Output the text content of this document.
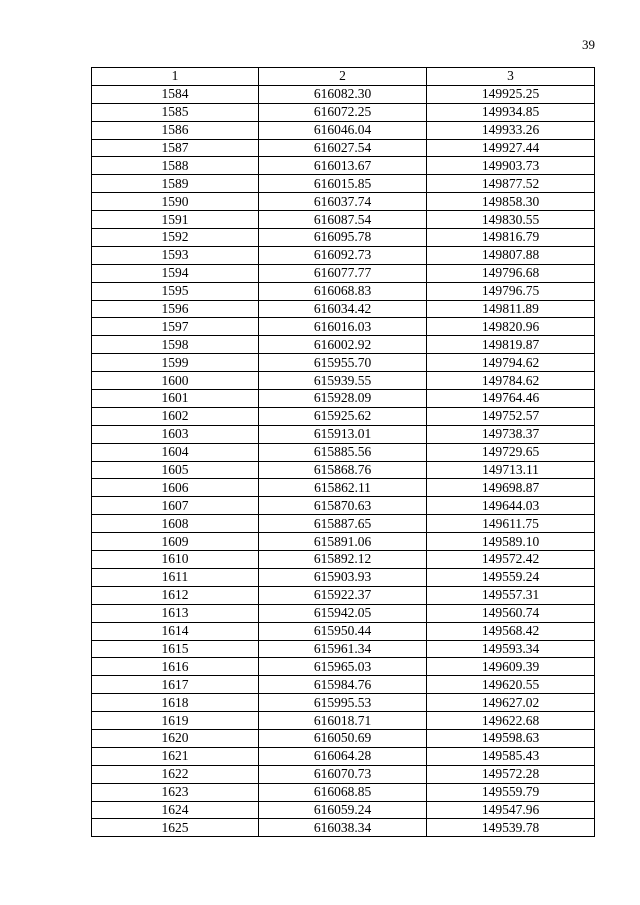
39
1	2	3
1584	616082.30	149925.25
1585	616072.25	149934.85
1586	616046.04	149933.26
1587	616027.54	149927.44
1588	616013.67	149903.73
1589	616015.85	149877.52
1590	616037.74	149858.30
1591	616087.54	149830.55
1592	616095.78	149816.79
1593	616092.73	149807.88
1594	616077.77	149796.68
1595	616068.83	149796.75
1596	616034.42	149811.89
1597	616016.03	149820.96
1598	616002.92	149819.87
1599	615955.70	149794.62
1600	615939.55	149784.62
1601	615928.09	149764.46
1602	615925.62	149752.57
1603	615913.01	149738.37
1604	615885.56	149729.65
1605	615868.76	149713.11
1606	615862.11	149698.87
1607	615870.63	149644.03
1608	615887.65	149611.75
1609	615891.06	149589.10
1610	615892.12	149572.42
1611	615903.93	149559.24
1612	615922.37	149557.31
1613	615942.05	149560.74
1614	615950.44	149568.42
1615	615961.34	149593.34
1616	615965.03	149609.39
1617	615984.76	149620.55
1618	615995.53	149627.02
1619	616018.71	149622.68
1620	616050.69	149598.63
1621	616064.28	149585.43
1622	616070.73	149572.28
1623	616068.85	149559.79
1624	616059.24	149547.96
1625	616038.34	149539.78
